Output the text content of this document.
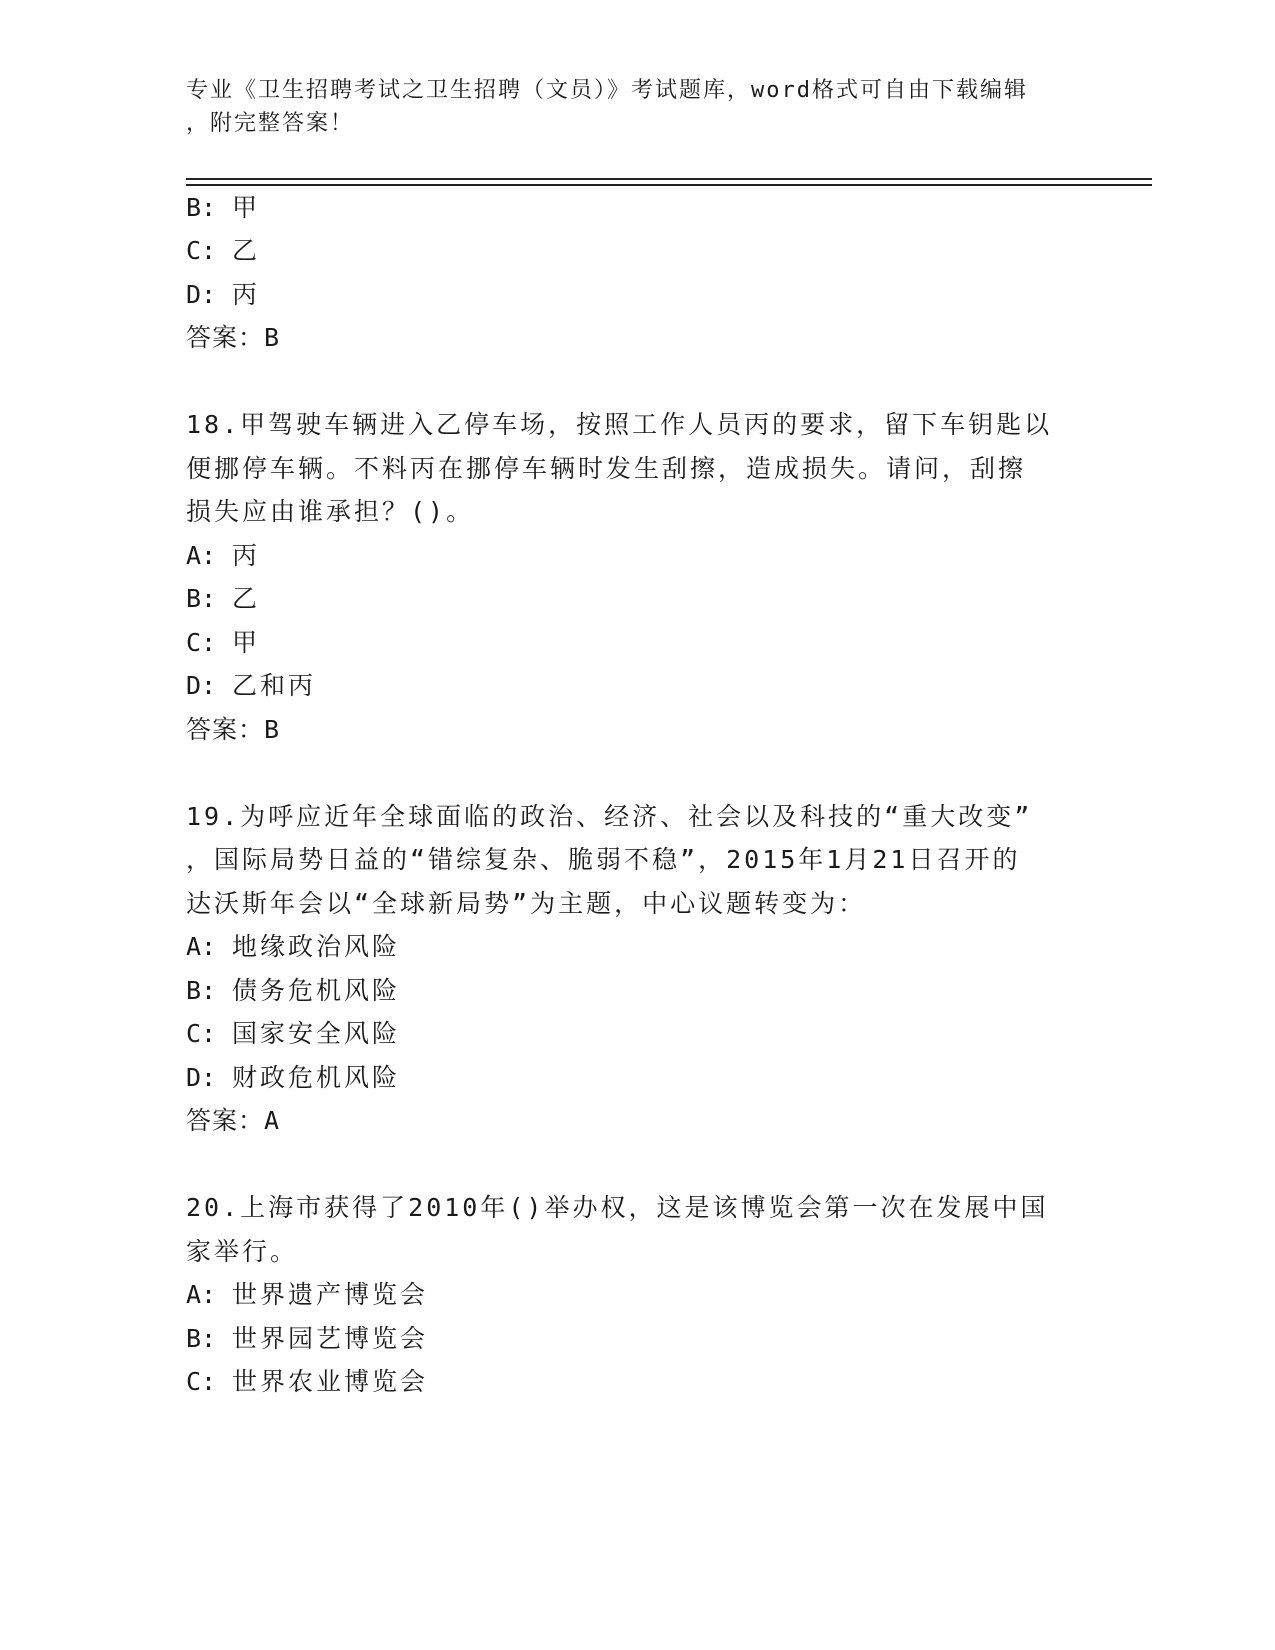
专业《卫生招聘考试之卫生招聘（文员）》考试题库，word格式可自由下载编辑
，附完整答案！
B: 甲
C: 乙
D: 丙
答案：B
18.甲驾驶车辆进入乙停车场，按照工作人员丙的要求，留下车钥匙以
便挪停车辆。不料丙在挪停车辆时发生刮擦，造成损失。请问，刮擦
损失应由谁承担？()。
A: 丙
B: 乙
C: 甲
D: 乙和丙
答案：B
19.为呼应近年全球面临的政治、经济、社会以及科技的“重大改变”
，国际局势日益的“错综复杂、脆弱不稳”，2015年1月21日召开的
达沃斯年会以“全球新局势”为主题，中心议题转变为：
A: 地缘政治风险
B: 债务危机风险
C: 国家安全风险
D: 财政危机风险
答案：A
20.上海市获得了2010年()举办权，这是该博览会第一次在发展中国
家举行。
A: 世界遗产博览会
B: 世界园艺博览会
C: 世界农业博览会
